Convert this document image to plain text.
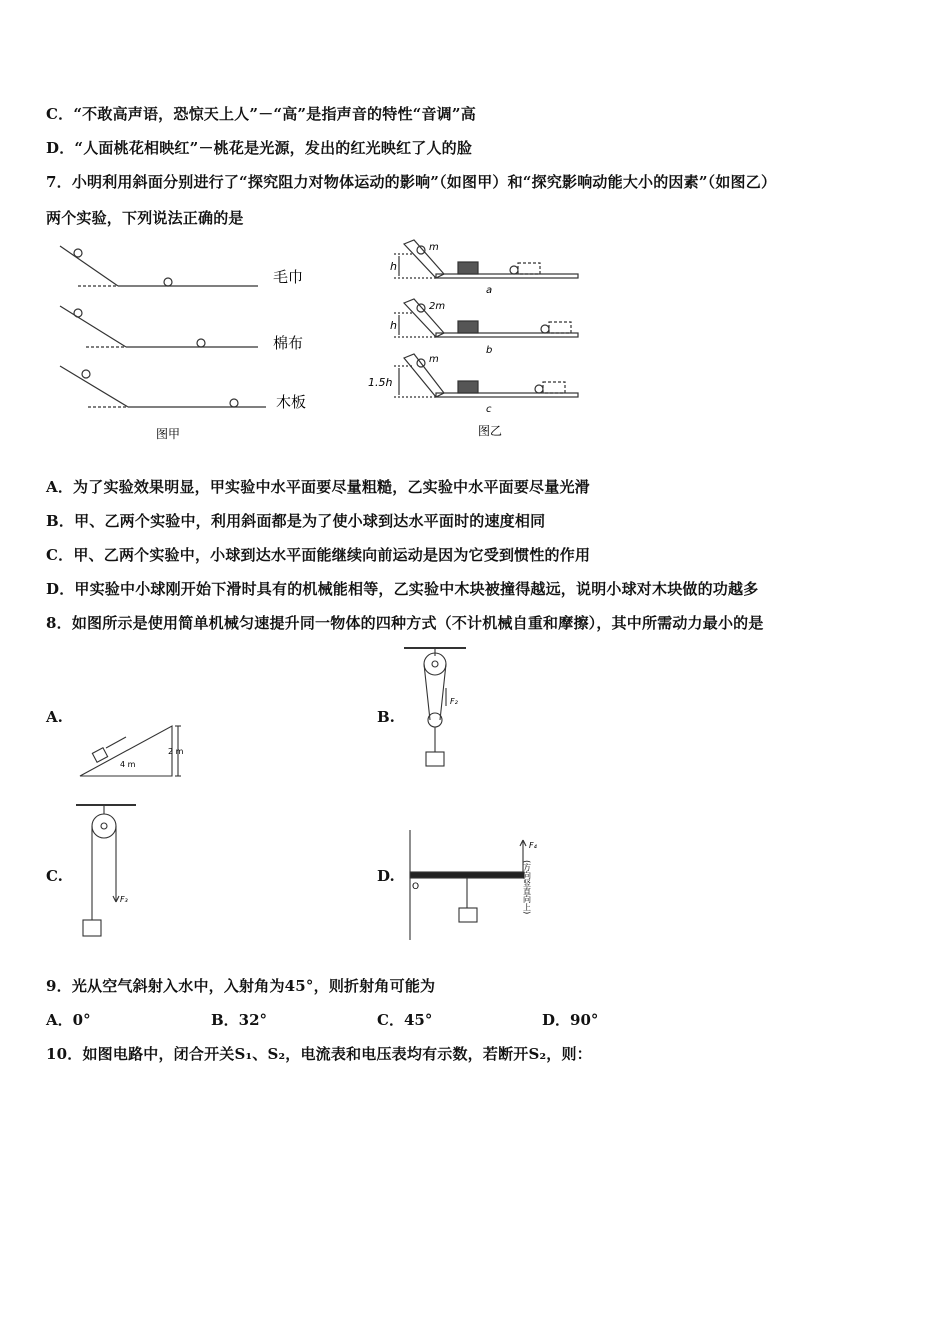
C．“不敢高声语，恐惊天上人”－“高”是指声音的特性“音调”高
D．“人面桃花相映红”－桃花是光源，发出的红光映红了人的脸
7．小明利用斜面分别进行了“探究阻力对物体运动的影响”（如图甲）和“探究影响动能大小的因素”（如图乙）
两个实验，下列说法正确的是
毛巾
棉布
木板
图甲
m
h
a
2m
h
b
m
1.5h
c
图乙
A．为了实验效果明显，甲实验中水平面要尽量粗糙，乙实验中水平面要尽量光滑
B．甲、乙两个实验中，利用斜面都是为了使小球到达水平面时的速度相同
C．甲、乙两个实验中，小球到达水平面能继续向前运动是因为它受到惯性的作用
D．甲实验中小球刚开始下滑时具有的机械能相等，乙实验中木块被撞得越远，说明小球对木块做的功越多
8．如图所示是使用简单机械匀速提升同一物体的四种方式（不计机械自重和摩擦），其中所需动力最小的是
A.	B.
C.	D.
4 m
2 m
F₂
F₃
O
F₄
(方向竖直向上)
9．光从空气斜射入水中，入射角为45°，则折射角可能为
A．0°	B．32°	C．45°	D．90°
10．如图电路中，闭合开关S₁、S₂，电流表和电压表均有示数，若断开S₂，则：
